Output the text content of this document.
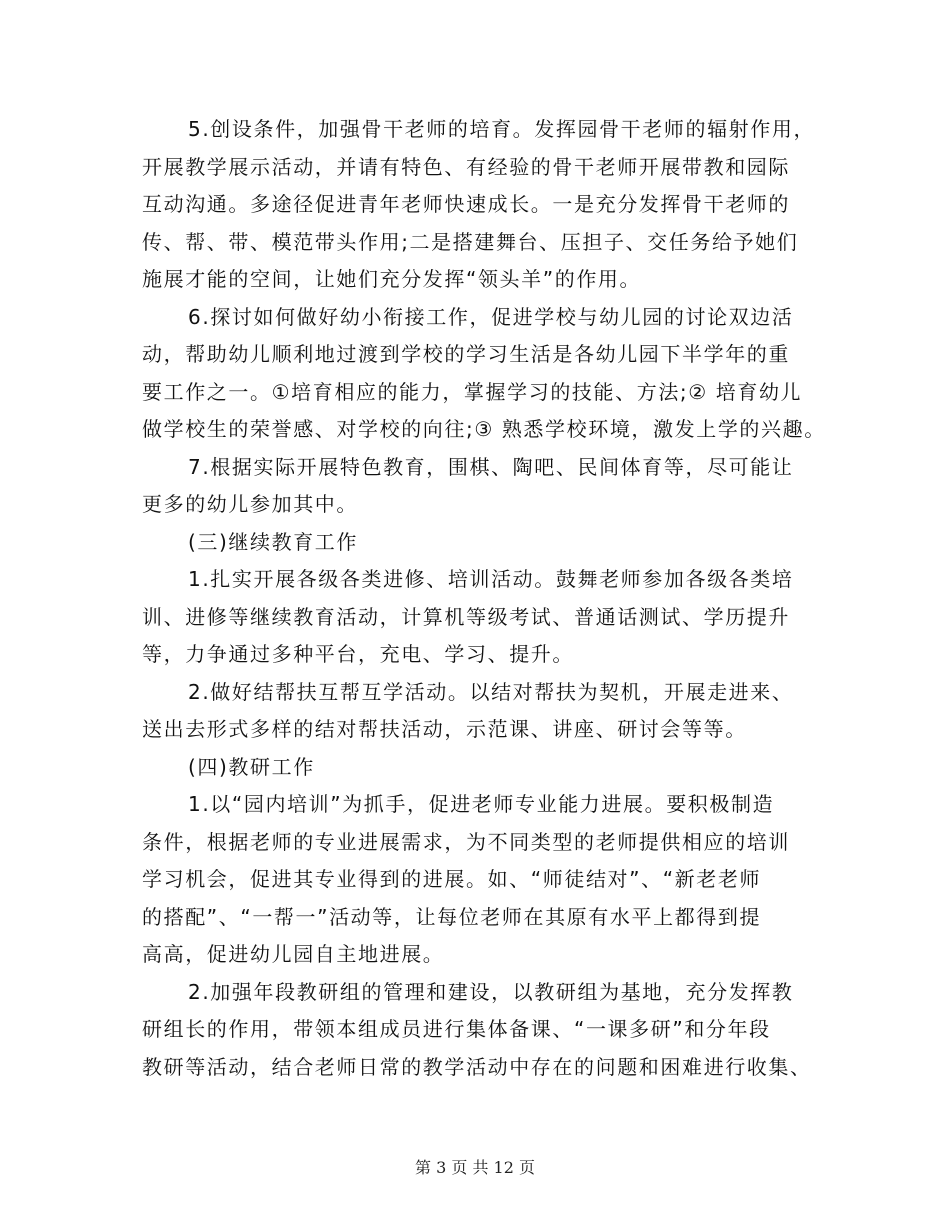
5.创设条件，加强骨干老师的培育。发挥园骨干老师的辐射作用，
开展教学展示活动，并请有特色、有经验的骨干老师开展带教和园际
互动沟通。多途径促进青年老师快速成长。一是充分发挥骨干老师的
传、帮、带、模范带头作用;二是搭建舞台、压担子、交任务给予她们
施展才能的空间，让她们充分发挥“领头羊”的作用。
6.探讨如何做好幼小衔接工作，促进学校与幼儿园的讨论双边活
动，帮助幼儿顺利地过渡到学校的学习生活是各幼儿园下半学年的重
要工作之一。①培育相应的能力，掌握学习的技能、方法;② 培育幼儿
做学校生的荣誉感、对学校的向往;③ 熟悉学校环境，激发上学的兴趣。
7.根据实际开展特色教育，围棋、陶吧、民间体育等，尽可能让
更多的幼儿参加其中。
(三)继续教育工作
1.扎实开展各级各类进修、培训活动。鼓舞老师参加各级各类培
训、进修等继续教育活动，计算机等级考试、普通话测试、学历提升
等，力争通过多种平台，充电、学习、提升。
2.做好结帮扶互帮互学活动。以结对帮扶为契机，开展走进来、
送出去形式多样的结对帮扶活动，示范课、讲座、研讨会等等。
(四)教研工作
1.以“园内培训”为抓手，促进老师专业能力进展。要积极制造
条件，根据老师的专业进展需求，为不同类型的老师提供相应的培训
学习机会，促进其专业得到的进展。如、“师徒结对”、“新老老师
的搭配”、“一帮一”活动等，让每位老师在其原有水平上都得到提
高高，促进幼儿园自主地进展。
2.加强年段教研组的管理和建设，以教研组为基地，充分发挥教
研组长的作用，带领本组成员进行集体备课、“一课多研”和分年段
教研等活动，结合老师日常的教学活动中存在的问题和困难进行收集、
第 3 页 共 12 页
